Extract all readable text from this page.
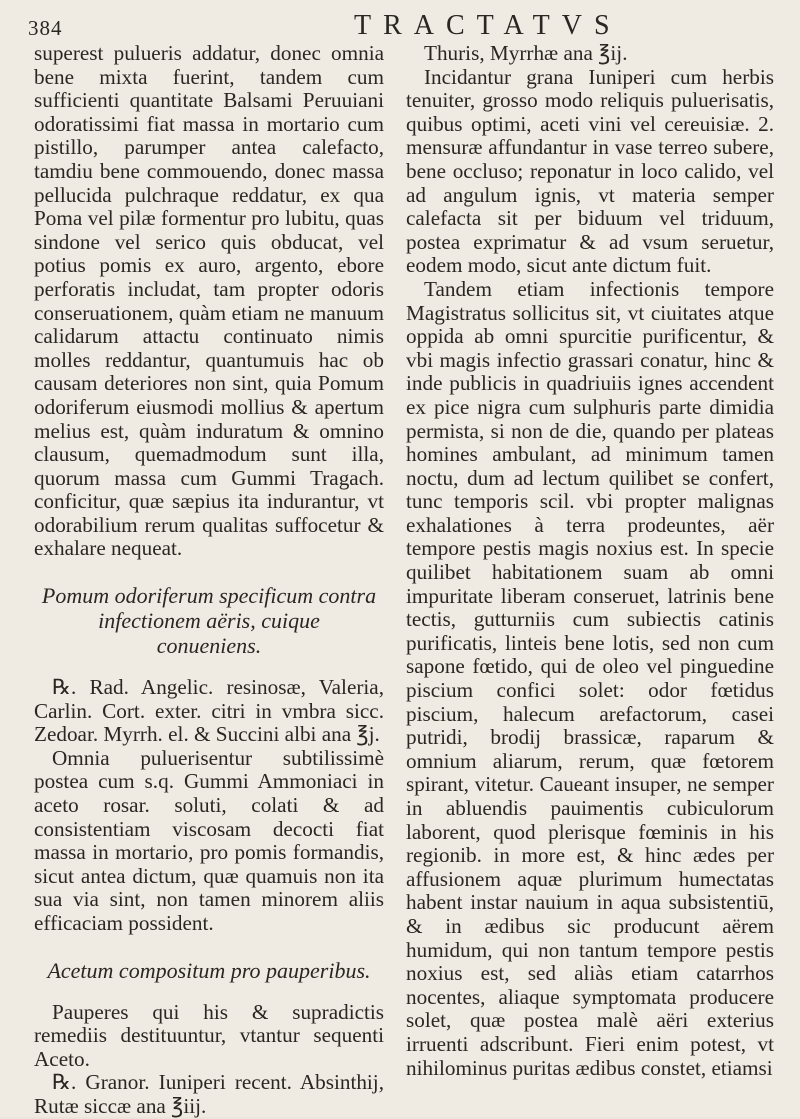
384	TRACTATVS

superest pulueris addatur, donec omnia bene mixta fuerint, tandem cum sufficienti quantitate Balsami Peruuiani odoratissimi fiat massa in mortario cum pistillo, parumper antea calefacto, tamdiu bene commouendo, donec massa pellucida pulchraque reddatur, ex qua Poma vel pilæ formentur pro lubitu, quas sindone vel serico quis obducat, vel potius pomis ex auro, argento, ebore perforatis includat, tam propter odoris conseruationem, quàm etiam ne manuum calidarum attactu continuato nimis molles reddantur, quantumuis hac ob causam deteriores non sint, quia Pomum odoriferum eiusmodi mollius & apertum melius est, quàm induratum & omnino clausum, quemadmodum sunt illa, quorum massa cum Gummi Tragach. conficitur, quæ sæpius ita indurantur, vt odorabilium rerum qualitas suffocetur & exhalare nequeat.

Pomum odoriferum specificum contra
infectionem aëris, cuique
conueniens.

℞. Rad. Angelic. resinosæ, Valeria, Carlin. Cort. exter. citri in vmbra sicc. Zedoar. Myrrh. el. & Succini albi ana ℥j.

Omnia puluerisentur subtilissimè postea cum s.q. Gummi Ammoniaci in aceto rosar. soluti, colati & ad consistentiam viscosam decocti fiat massa in mortario, pro pomis formandis, sicut antea dictum, quæ quamuis non ita sua via sint, non tamen minorem aliis efficaciam possident.

Acetum compositum pro pauperibus.

Pauperes qui his & supradictis remediis destituuntur, vtantur sequenti Aceto.

℞. Granor. Iuniperi recent. Absinthij, Rutæ siccæ ana ℥iij.

Thuris, Myrrhæ ana ℥ij.

Incidantur grana Iuniperi cum herbis tenuiter, grosso modo reliquis puluerisatis, quibus optimi, aceti vini vel cereuisiæ. 2. mensuræ affundantur in vase terreo subere, bene occluso; reponatur in loco calido, vel ad angulum ignis, vt materia semper calefacta sit per biduum vel triduum, postea exprimatur & ad vsum seruetur, eodem modo, sicut ante dictum fuit.

Tandem etiam infectionis tempore Magistratus sollicitus sit, vt ciuitates atque oppida ab omni spurcitie purificentur, & vbi magis infectio grassari conatur, hinc & inde publicis in quadriuiis ignes accendent ex pice nigra cum sulphuris parte dimidia permista, si non de die, quando per plateas homines ambulant, ad minimum tamen noctu, dum ad lectum quilibet se confert, tunc temporis scil. vbi propter malignas exhalationes à terra prodeuntes, aër tempore pestis magis noxius est. In specie quilibet habitationem suam ab omni impuritate liberam conseruet, latrinis bene tectis, gutturniis cum subiectis catinis purificatis, linteis bene lotis, sed non cum sapone fœtido, qui de oleo vel pinguedine piscium confici solet: odor fœtidus piscium, halecum arefactorum, casei putridi, brodij brassicæ, raparum & omnium aliarum, rerum, quæ fœtorem spirant, vitetur. Caueant insuper, ne semper in abluendis pauimentis cubiculorum laborent, quod plerisque fœminis in his regionib. in more est, & hinc ædes per affusionem aquæ plurimum humectatas habent instar nauium in aqua subsistentiū, & in ædibus sic producunt aërem humidum, qui non tantum tempore pestis noxius est, sed aliàs etiam catarrhos nocentes, aliaque symptomata producere solet, quæ postea malè aëri exterius irruenti adscribunt. Fieri enim potest, vt nihilominus puritas ædibus constet, etiamsi
